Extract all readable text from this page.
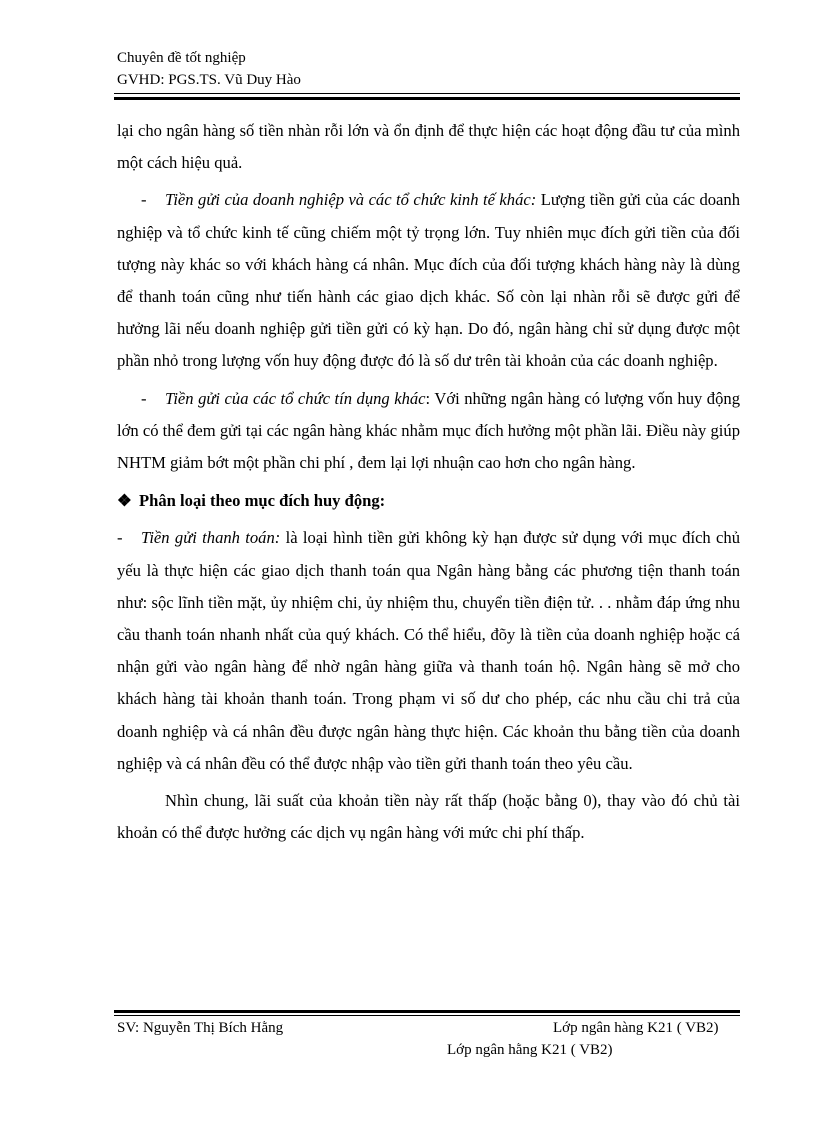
Chuyên đề tốt nghiệp
GVHD: PGS.TS. Vũ Duy Hào

lại cho ngân hàng số tiền nhàn rỗi lớn và ổn định để thực hiện các hoạt động đầu tư của mình một cách hiệu quả.

- Tiền gửi của doanh nghiệp và các tổ chức kinh tế khác: Lượng tiền gửi của các doanh nghiệp và tổ chức kinh tế cũng chiếm một tỷ trọng lớn. Tuy nhiên mục đích gửi tiền của đối tượng này khác so với khách hàng cá nhân. Mục đích của đối tượng khách hàng này là dùng để thanh toán cũng như tiến hành các giao dịch khác. Số còn lại nhàn rỗi sẽ được gửi để hưởng lãi nếu doanh nghiệp gửi tiền gửi có kỳ hạn. Do đó, ngân hàng chỉ sử dụng được một phần nhỏ trong lượng vốn huy động được đó là số dư trên tài khoản của các doanh nghiệp.

- Tiền gửi của các tổ chức tín dụng khác: Với những ngân hàng có lượng vốn huy động lớn có thể đem gửi tại các ngân hàng khác nhằm mục đích hưởng một phần lãi. Điều này giúp NHTM giảm bớt một phần chi phí , đem lại lợi nhuận cao hơn cho ngân hàng.

❖ Phân loại theo mục đích huy động:

- Tiền gửi thanh toán: là loại hình tiền gửi không kỳ hạn được sử dụng với mục đích chủ yếu là thực hiện các giao dịch thanh toán qua Ngân hàng bằng các phương tiện thanh toán như: sộc lĩnh tiền mặt, ủy nhiệm chi, ủy nhiệm thu, chuyển tiền điện tử. . . nhằm đáp ứng nhu cầu thanh toán nhanh nhất của quý khách. Có thể hiểu, đõy là tiền của doanh nghiệp hoặc cá nhận gửi vào ngân hàng để nhờ ngân hàng giữa và thanh toán hộ. Ngân hàng sẽ mở cho khách hàng tài khoản thanh toán. Trong phạm vi số dư cho phép, các nhu cầu chi trả của doanh nghiệp và cá nhân đều được ngân hàng thực hiện. Các khoản thu bằng tiền của doanh nghiệp và cá nhân đều có thể được nhập vào tiền gửi thanh toán theo yêu cầu.

Nhìn chung, lãi suất của khoản tiền này rất thấp (hoặc bằng 0), thay vào đó chủ tài khoản có thể được hưởng các dịch vụ ngân hàng với mức chi phí thấp.

SV: Nguyễn Thị Bích Hằng	Lớp ngân hàng K21 ( VB2)
Lớp ngân hằng K21 ( VB2)
